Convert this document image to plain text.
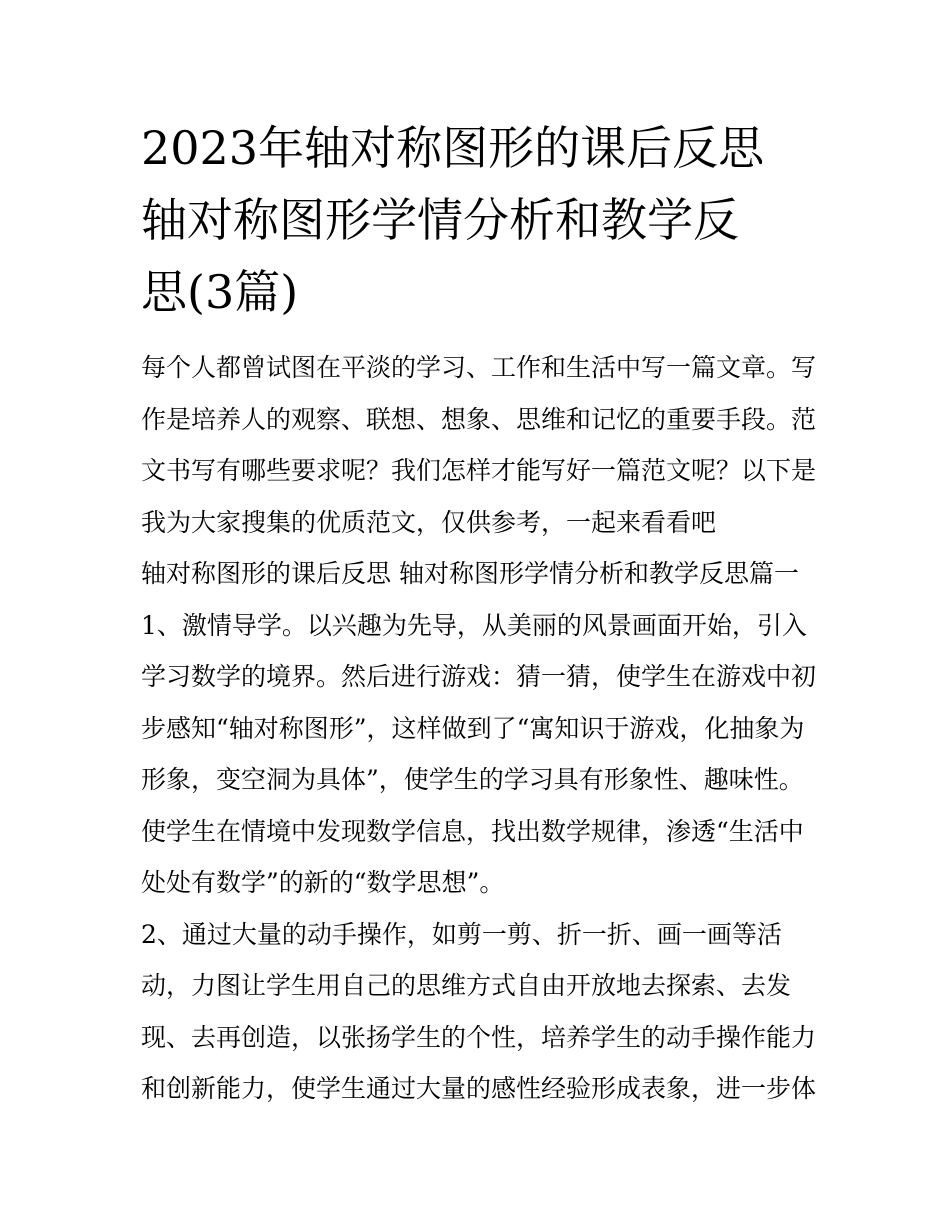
2023年轴对称图形的课后反思
轴对称图形学情分析和教学反
思(3篇)
每个人都曾试图在平淡的学习、工作和生活中写一篇文章。写
作是培养人的观察、联想、想象、思维和记忆的重要手段。范
文书写有哪些要求呢？我们怎样才能写好一篇范文呢？以下是
我为大家搜集的优质范文，仅供参考，一起来看看吧
轴对称图形的课后反思 轴对称图形学情分析和教学反思篇一
1、激情导学。以兴趣为先导，从美丽的风景画面开始，引入
学习数学的境界。然后进行游戏：猜一猜，使学生在游戏中初
步感知“轴对称图形”，这样做到了“寓知识于游戏，化抽象为
形象，变空洞为具体”，使学生的学习具有形象性、趣味性。
使学生在情境中发现数学信息，找出数学规律，渗透“生活中
处处有数学”的新的“数学思想”。
2、通过大量的动手操作，如剪一剪、折一折、画一画等活
动，力图让学生用自己的思维方式自由开放地去探索、去发
现、去再创造，以张扬学生的个性，培养学生的动手操作能力
和创新能力，使学生通过大量的感性经验形成表象，进一步体
